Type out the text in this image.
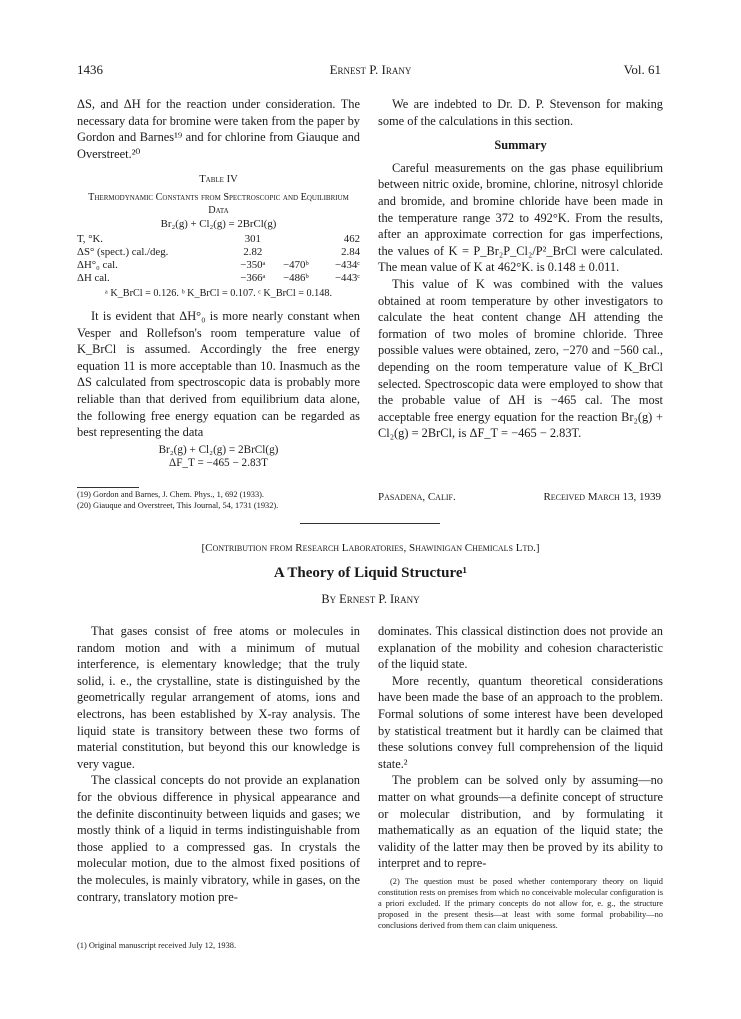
1436	Ernest P. Irany	Vol. 61

ΔS, and ΔH for the reaction under consideration. The necessary data for bromine were taken from the paper by Gordon and Barnes¹⁹ and for chlorine from Giauque and Overstreet.²⁰

Table IV
Thermodynamic Constants from Spectroscopic and Equilibrium Data
Br₂(g) + Cl₂(g) = 2BrCl(g)
T, °K.	301		462
ΔS° (spect.) cal./deg.	2.82		2.84
ΔH°₀ cal.	−350ᵃ	−470ᵇ	−434ᶜ
ΔH cal.	−366ᵃ	−486ᵇ	−443ᶜ
ᵃ K_BrCl = 0.126. ᵇ K_BrCl = 0.107. ᶜ K_BrCl = 0.148.

It is evident that ΔH°₀ is more nearly constant when Vesper and Rollefson's room temperature value of K_BrCl is assumed. Accordingly the free energy equation 11 is more acceptable than 10. Inasmuch as the ΔS calculated from spectroscopic data is probably more reliable than that derived from equilibrium data alone, the following free energy equation can be regarded as best representing the data

Br₂(g) + Cl₂(g) = 2BrCl(g)
ΔF_T = −465 − 2.83T
(19) Gordon and Barnes, J. Chem. Phys., 1, 692 (1933).
(20) Giauque and Overstreet, This Journal, 54, 1731 (1932).

We are indebted to Dr. D. P. Stevenson for making some of the calculations in this section.

Summary

Careful measurements on the gas phase equilibrium between nitric oxide, bromine, chlorine, nitrosyl chloride and bromide, and bromine chloride have been made in the temperature range 372 to 492°K. From the results, after an approximate correction for gas imperfections, the values of K = P_Br₂P_Cl₂/P²_BrCl were calculated. The mean value of K at 462°K. is 0.148 ± 0.011.

This value of K was combined with the values obtained at room temperature by other investigators to calculate the heat content change ΔH attending the formation of two moles of bromine chloride. Three possible values were obtained, zero, −270 and −560 cal., depending on the room temperature value of K_BrCl selected. Spectroscopic data were employed to show that the probable value of ΔH is −465 cal. The most acceptable free energy equation for the reaction Br₂(g) + Cl₂(g) = 2BrCl, is ΔF_T = −465 − 2.83T.

Pasadena, Calif.	Received March 13, 1939
[Contribution from Research Laboratories, Shawinigan Chemicals Ltd.]
A Theory of Liquid Structure¹
By Ernest P. Irany

That gases consist of free atoms or molecules in random motion and with a minimum of mutual interference, is elementary knowledge; that the truly solid, i. e., the crystalline, state is distinguished by the geometrically regular arrangement of atoms, ions and electrons, has been established by X-ray analysis. The liquid state is transitory between these two forms of material constitution, but beyond this our knowledge is very vague.

The classical concepts do not provide an explanation for the obvious difference in physical appearance and the definite discontinuity between liquids and gases; we mostly think of a liquid in terms indistinguishable from those applied to a compressed gas. In crystals the molecular motion, due to the almost fixed positions of the molecules, is mainly vibratory, while in gases, on the contrary, translatory motion pre-

(1) Original manuscript received July 12, 1938.

dominates. This classical distinction does not provide an explanation of the mobility and cohesion characteristic of the liquid state.

More recently, quantum theoretical considerations have been made the base of an approach to the problem. Formal solutions of some interest have been developed by statistical treatment but it hardly can be claimed that these solutions convey full comprehension of the liquid state.²

The problem can be solved only by assuming—no matter on what grounds—a definite concept of structure or molecular distribution, and by formulating it mathematically as an equation of the liquid state; the validity of the latter may then be proved by its ability to interpret and to repre-

(2) The question must be posed whether contemporary theory on liquid constitution rests on premises from which no conceivable molecular configuration is a priori excluded. If the primary concepts do not allow for, e. g., the structure proposed in the present thesis—at least with some formal probability—no conclusions derived from them can claim uniqueness.
